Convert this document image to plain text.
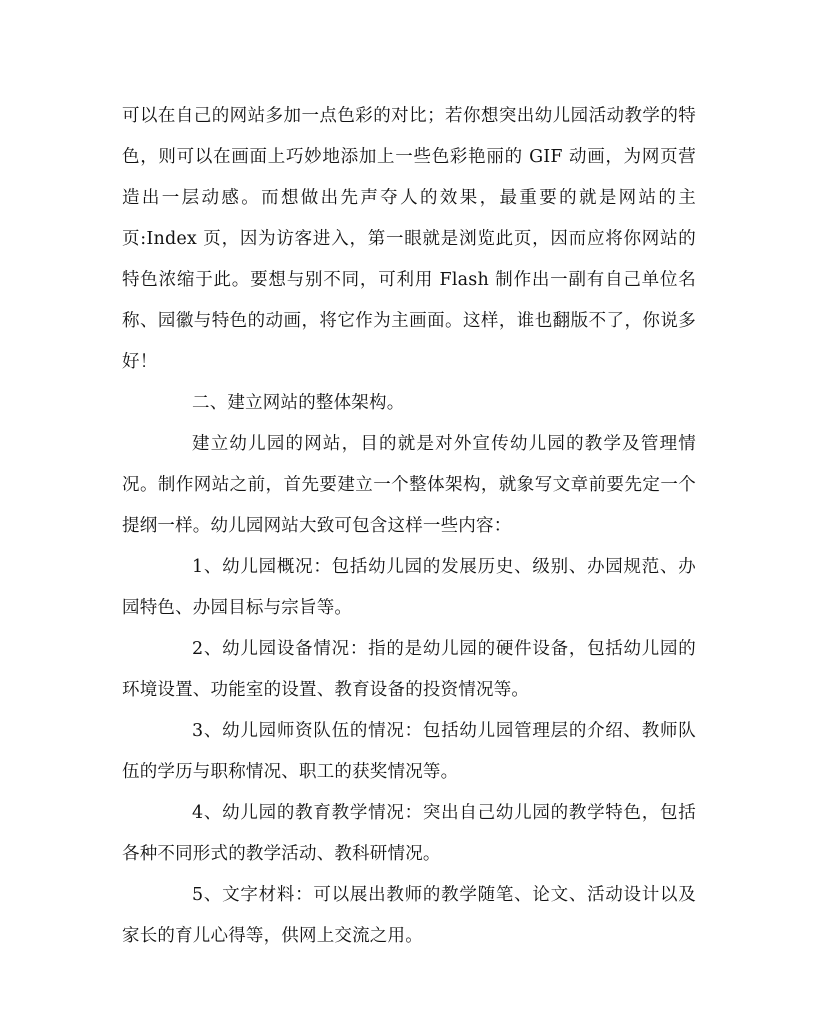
可以在自己的网站多加一点色彩的对比；若你想突出幼儿园活动教学的特色，则可以在画面上巧妙地添加上一些色彩艳丽的 GIF 动画，为网页营造出一层动感。而想做出先声夺人的效果，最重要的就是网站的主页:Index 页，因为访客进入，第一眼就是浏览此页，因而应将你网站的特色浓缩于此。要想与别不同，可利用 Flash 制作出一副有自己单位名称、园徽与特色的动画，将它作为主画面。这样，谁也翻版不了，你说多好！

二、建立网站的整体架构。

建立幼儿园的网站，目的就是对外宣传幼儿园的教学及管理情况。制作网站之前，首先要建立一个整体架构，就象写文章前要先定一个提纲一样。幼儿园网站大致可包含这样一些内容：

1、幼儿园概况：包括幼儿园的发展历史、级别、办园规范、办园特色、办园目标与宗旨等。

2、幼儿园设备情况：指的是幼儿园的硬件设备，包括幼儿园的环境设置、功能室的设置、教育设备的投资情况等。

3、幼儿园师资队伍的情况：包括幼儿园管理层的介绍、教师队伍的学历与职称情况、职工的获奖情况等。

4、幼儿园的教育教学情况：突出自己幼儿园的教学特色，包括各种不同形式的教学活动、教科研情况。

5、文字材料：可以展出教师的教学随笔、论文、活动设计以及家长的育儿心得等，供网上交流之用。
